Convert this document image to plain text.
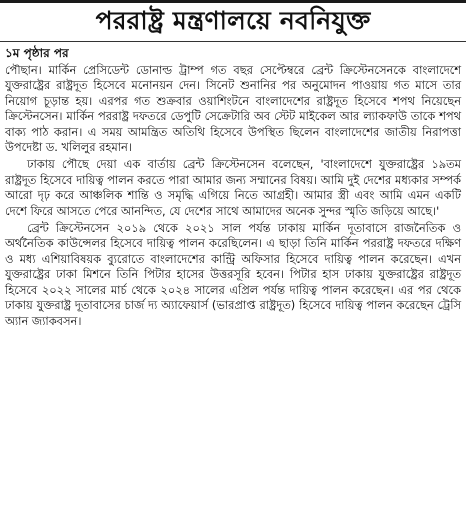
পররাষ্ট্র মন্ত্রণালয়ে নবনিযুক্ত

১ম পৃষ্ঠার পর

পৌছান। মার্কিন প্রেসিডেন্ট ডোনাল্ড ট্রাম্প গত বছর সেপ্টেম্বরে ব্রেন্ট ক্রিস্টেনসেনকে বাংলাদেশে যুক্তরাষ্ট্রের রাষ্ট্রদূত হিসেবে মনোনয়ন দেন। সিনেট শুনানির পর অনুমোদন পাওয়ায় গত মাসে তার নিয়োগ চূড়ান্ত হয়। এরপর গত শুক্রবার ওয়াশিংটনে বাংলাদেশের রাষ্ট্রদূত হিসেবে শপথ নিয়েছেন ক্রিস্টেনসেন। মার্কিন পররাষ্ট্র দফতরে ডেপুটি সেক্রেটারি অব স্টেট মাইকেল আর ল্যাকফাউ তাকে শপথ বাক্য পাঠ করান। এ সময় আমন্ত্রিত অতিথি হিসেবে উপস্থিত ছিলেন বাংলাদেশের জাতীয় নিরাপত্তা উপদেষ্টা ড. খলিলুর রহমান।

ঢাকায় পৌছে দেয়া এক বার্তায় ব্রেন্ট ক্রিস্টেনসেন বলেছেন, 'বাংলাদেশে যুক্তরাষ্ট্রের ১৯তম রাষ্ট্রদূত হিসেবে দায়িত্ব পালন করতে পারা আমার জন্য সম্মানের বিষয়। আমি দুই দেশের মধ্যকার সম্পর্ক আরো দৃঢ় করে আঞ্চলিক শান্তি ও সমৃদ্ধি এগিয়ে নিতে আগ্রহী। আমার স্ত্রী এবং আমি এমন একটি দেশে ফিরে আসতে পেরে আনন্দিত, যে দেশের সাথে আমাদের অনেক সুন্দর স্মৃতি জড়িয়ে আছে।'

ব্রেন্ট ক্রিস্টেনসেন ২০১৯ থেকে ২০২১ সাল পর্যন্ত ঢাকায় মার্কিন দূতাবাসে রাজনৈতিক ও অর্থনৈতিক কাউন্সেলর হিসেবে দায়িত্ব পালন করেছিলেন। এ ছাড়া তিনি মার্কিন পররাষ্ট্র দফতরে দক্ষিণ ও মধ্য এশিয়াবিষয়ক ব্যুরোতে বাংলাদেশের কান্ট্রি অফিসার হিসেবে দায়িত্ব পালন করেছেন। এখন যুক্তরাষ্ট্রের ঢাকা মিশনে তিনি পিটার হাসের উত্তরসূরি হবেন। পিটার হাস ঢাকায় যুক্তরাষ্ট্রের রাষ্ট্রদূত হিসেবে ২০২২ সালের মার্চ থেকে ২০২৪ সালের এপ্রিল পর্যন্ত দায়িত্ব পালন করেছেন। এর পর থেকে ঢাকায় যুক্তরাষ্ট্র দূতাবাসের চার্জ দ্য অ্যাফেয়ার্স (ভারপ্রাপ্ত রাষ্ট্রদূত) হিসেবে দায়িত্ব পালন করেছেন ট্রেসি অ্যান জ্যাকবসন।
